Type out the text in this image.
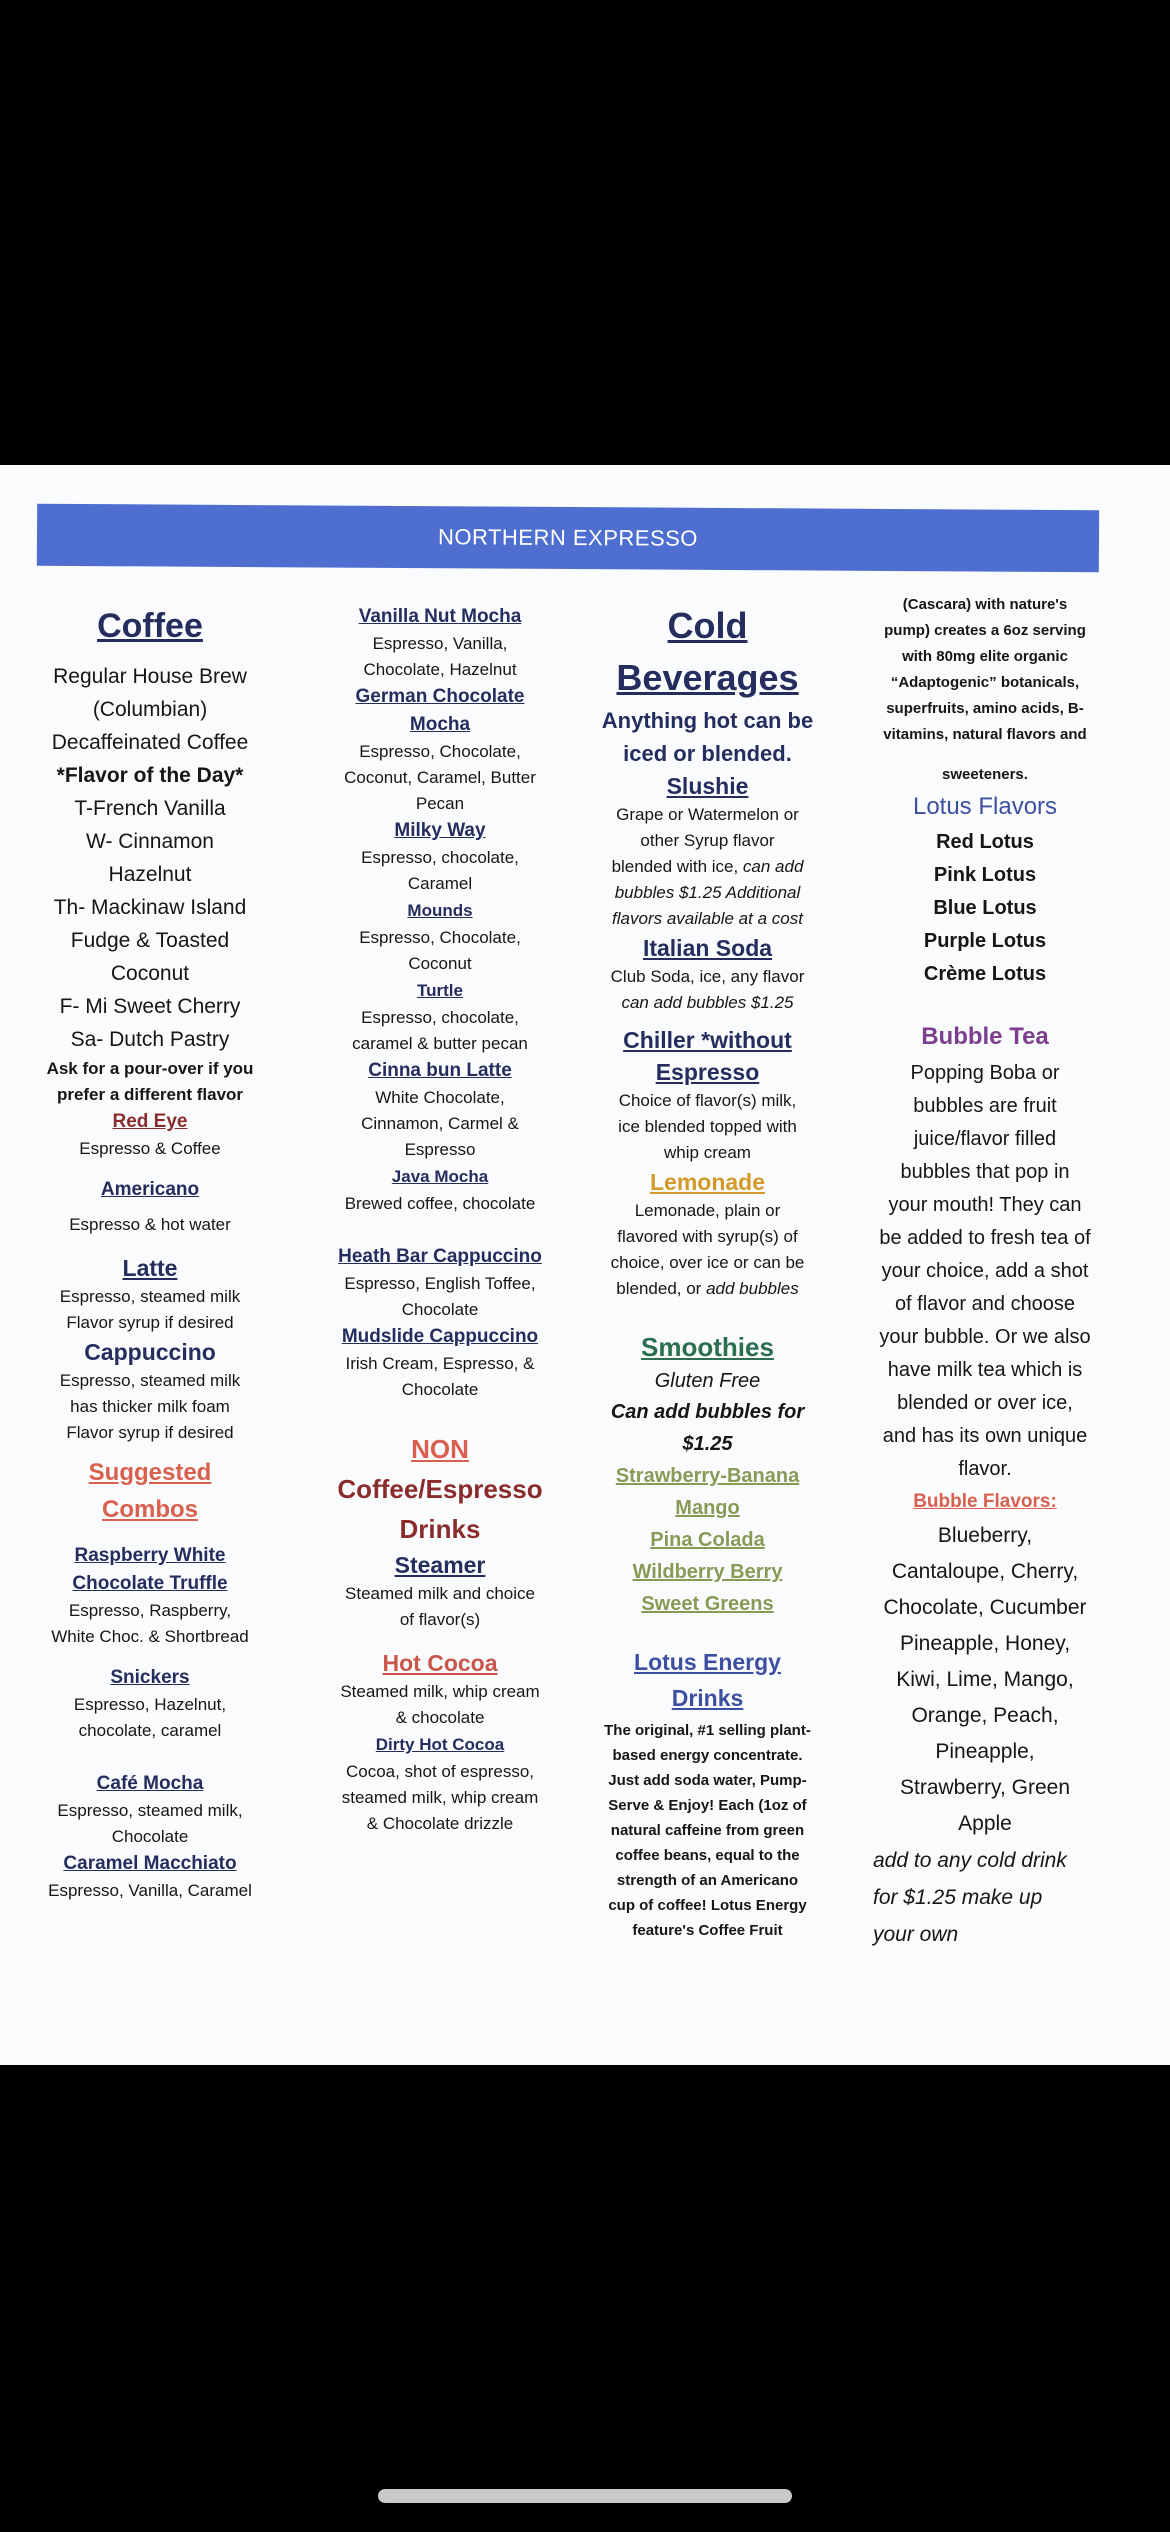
NORTHERN EXPRESSO
Coffee
Regular House Brew
(Columbian)
Decaffeinated Coffee
*Flavor of the Day*
T-French Vanilla
W- Cinnamon
Hazelnut
Th- Mackinaw Island
Fudge & Toasted
Coconut
F- Mi Sweet Cherry
Sa- Dutch Pastry
Ask for a pour-over if you
prefer a different flavor
Red Eye
Espresso & Coffee
Americano
Espresso & hot water
Latte
Espresso, steamed milk
Flavor syrup if desired
Cappuccino
Espresso, steamed milk
has thicker milk foam
Flavor syrup if desired
Suggested
Combos
Raspberry White
Chocolate Truffle
Espresso, Raspberry,
White Choc. & Shortbread
Snickers
Espresso, Hazelnut,
chocolate, caramel
Café Mocha
Espresso, steamed milk,
Chocolate
Caramel Macchiato
Espresso, Vanilla, Caramel
Vanilla Nut Mocha
Espresso, Vanilla,
Chocolate, Hazelnut
German Chocolate
Mocha
Espresso, Chocolate,
Coconut, Caramel, Butter
Pecan
Milky Way
Espresso, chocolate,
Caramel
Mounds
Espresso, Chocolate,
Coconut
Turtle
Espresso, chocolate,
caramel & butter pecan
Cinna bun Latte
White Chocolate,
Cinnamon, Carmel &
Espresso
Java Mocha
Brewed coffee, chocolate
Heath Bar Cappuccino
Espresso, English Toffee,
Chocolate
Mudslide Cappuccino
Irish Cream, Espresso, &
Chocolate
NON
Coffee/Espresso
Drinks
Steamer
Steamed milk and choice
of flavor(s)
Hot Cocoa
Steamed milk, whip cream
& chocolate
Dirty Hot Cocoa
Cocoa, shot of espresso,
steamed milk, whip cream
& Chocolate drizzle
Cold
Beverages
Anything hot can be
iced or blended.
Slushie
Grape or Watermelon or
other Syrup flavor
blended with ice, can add
bubbles $1.25 Additional
flavors available at a cost
Italian Soda
Club Soda, ice, any flavor
can add bubbles $1.25
Chiller *without
Espresso
Choice of flavor(s) milk,
ice blended topped with
whip cream
Lemonade
Lemonade, plain or
flavored with syrup(s) of
choice, over ice or can be
blended, or add bubbles
Smoothies
Gluten Free
Can add bubbles for
$1.25
Strawberry-Banana
Mango
Pina Colada
Wildberry Berry
Sweet Greens
Lotus Energy
Drinks
The original, #1 selling plant-
based energy concentrate.
Just add soda water, Pump-
Serve & Enjoy! Each (1oz of
natural caffeine from green
coffee beans, equal to the
strength of an Americano
cup of coffee! Lotus Energy
feature's Coffee Fruit
(Cascara) with nature's
pump) creates a 6oz serving
with 80mg elite organic
“Adaptogenic” botanicals,
superfruits, amino acids, B-
vitamins, natural flavors and
sweeteners.
Lotus Flavors
Red Lotus
Pink Lotus
Blue Lotus
Purple Lotus
Crème Lotus
Bubble Tea
Popping Boba or
bubbles are fruit
juice/flavor filled
bubbles that pop in
your mouth! They can
be added to fresh tea of
your choice, add a shot
of flavor and choose
your bubble. Or we also
have milk tea which is
blended or over ice,
and has its own unique
flavor.
Bubble Flavors:
Blueberry,
Cantaloupe, Cherry,
Chocolate, Cucumber
Pineapple, Honey,
Kiwi, Lime, Mango,
Orange, Peach,
Pineapple,
Strawberry, Green
Apple
add to any cold drink
for $1.25 make up
your own
